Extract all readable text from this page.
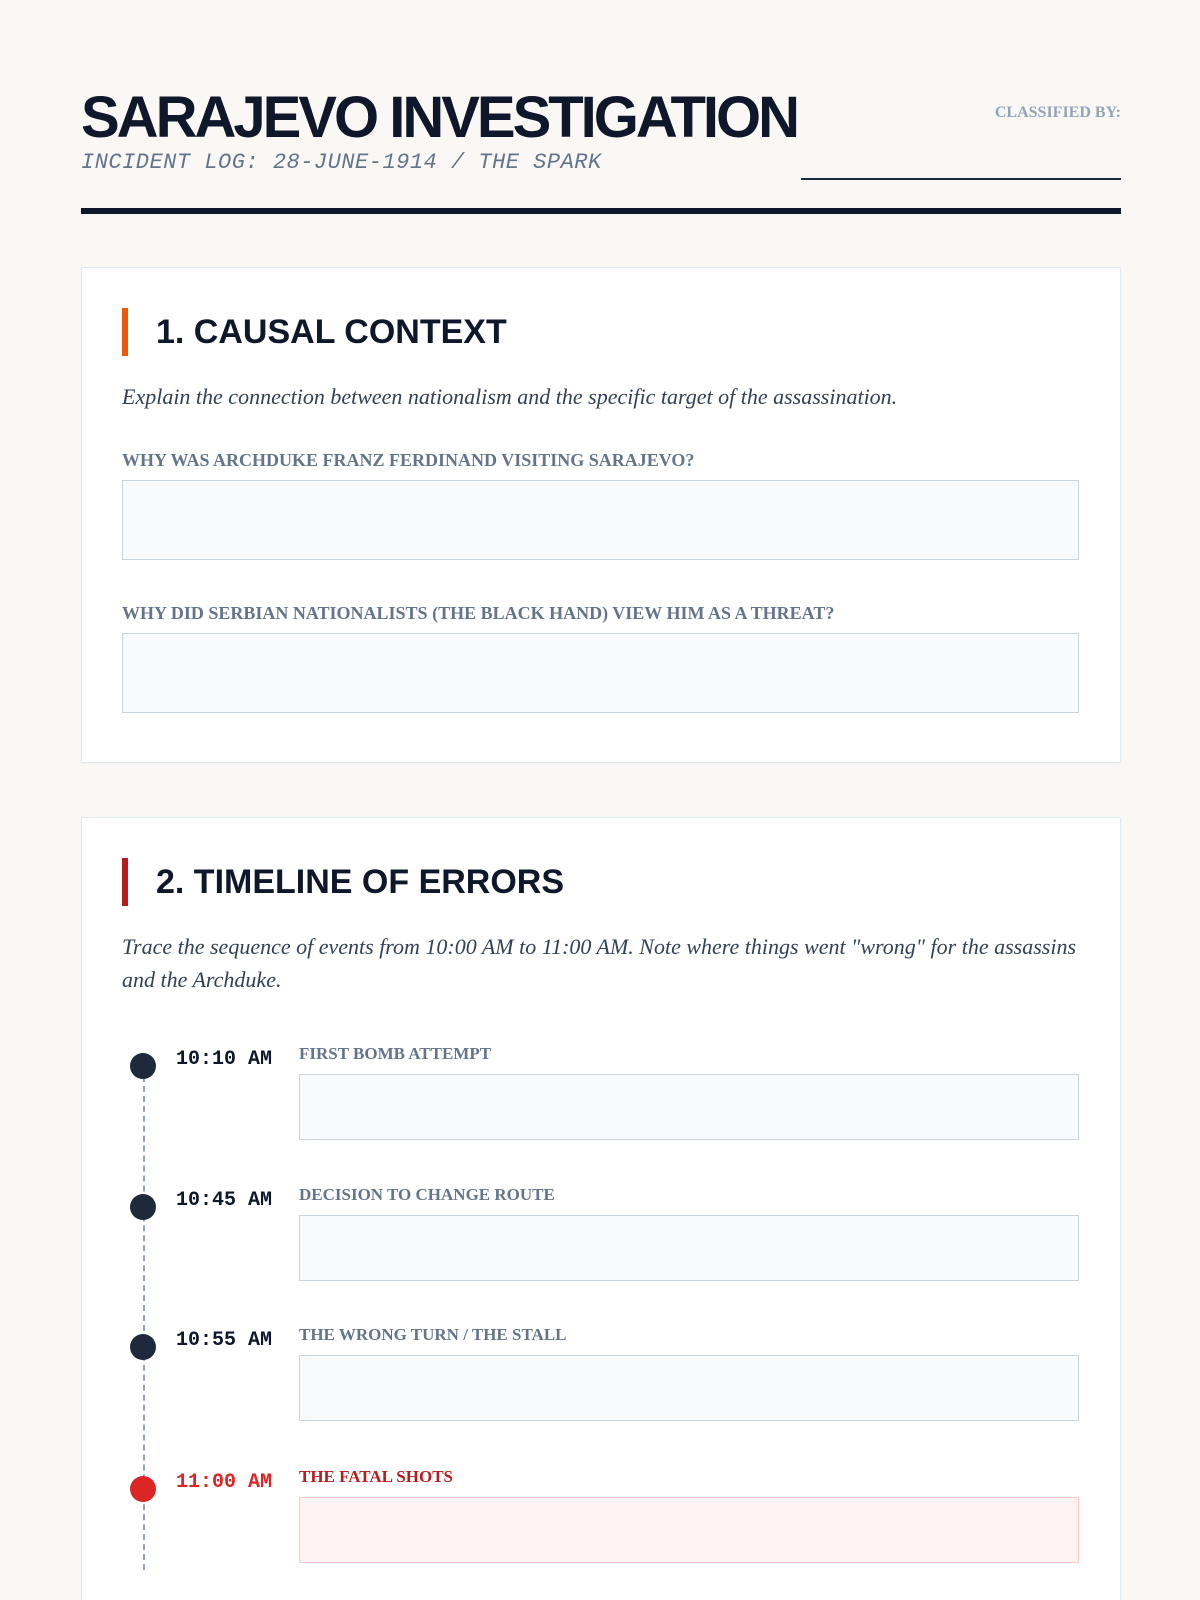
SARAJEVO INVESTIGATION
INCIDENT LOG: 28-JUNE-1914 / THE SPARK
CLASSIFIED BY:
1. CAUSAL CONTEXT

Explain the connection between nationalism and the specific target of the assassination.

WHY WAS ARCHDUKE FRANZ FERDINAND VISITING SARAJEVO?
WHY DID SERBIAN NATIONALISTS (THE BLACK HAND) VIEW HIM AS A THREAT?
2. TIMELINE OF ERRORS

Trace the sequence of events from 10:00 AM to 11:00 AM. Note where things went "wrong" for the assassins and the Archduke.

10:10 AM FIRST BOMB ATTEMPT
10:45 AM DECISION TO CHANGE ROUTE
10:55 AM THE WRONG TURN / THE STALL
11:00 AM THE FATAL SHOTS
